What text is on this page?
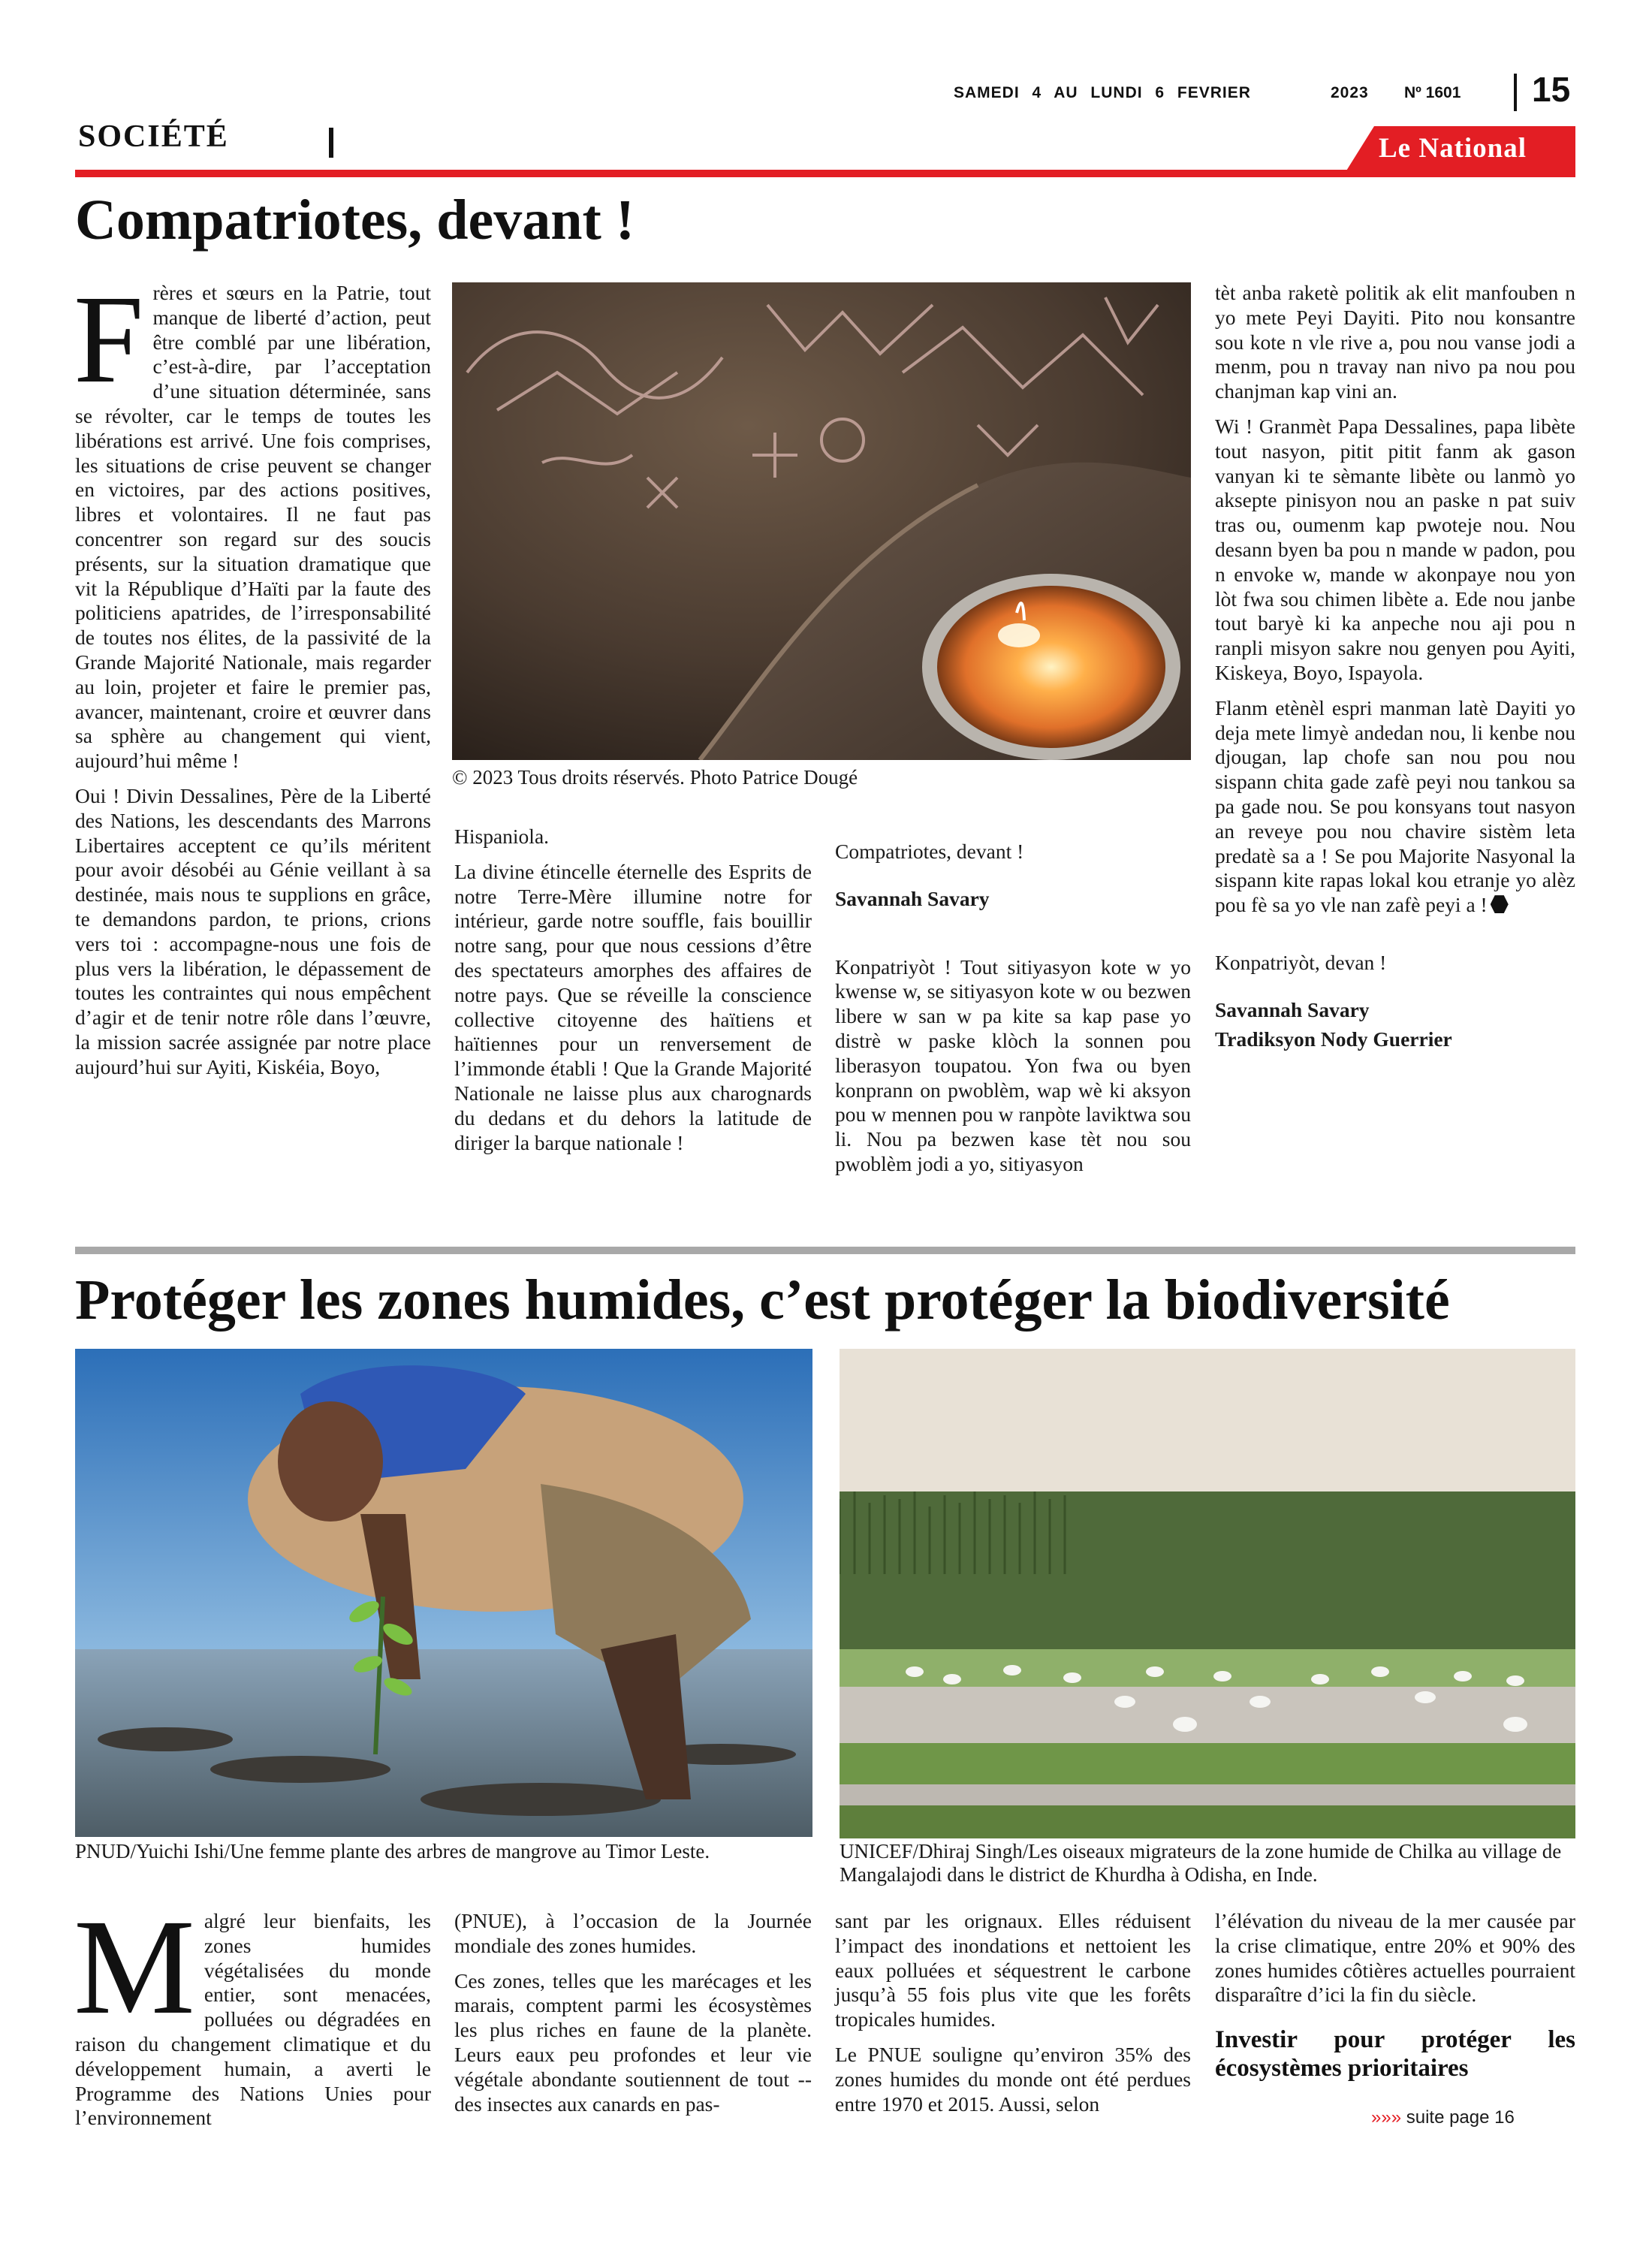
SAMEDI 4 AU LUNDI 6 FEVRIER	2023 Nº 1601 15
SOCIÉTÉ	Le National
Compatriotes, devant !

Frères et sœurs en la Patrie, tout manque de liberté d’action, peut être comblé par une libération, c’est-à-dire, par l’acceptation d’une situation déterminée, sans se révolter, car le temps de toutes les libérations est arrivé. Une fois comprises, les situations de crise peuvent se changer en victoires, par des actions positives, libres et volontaires. Il ne faut pas concentrer son regard sur des soucis présents, sur la situation dramatique que vit la République d’Haïti par la faute des politiciens apatrides, de l’irresponsabilité de toutes nos élites, de la passivité de la Grande Majorité Nationale, mais regarder au loin, projeter et faire le premier pas, avancer, maintenant, croire et œuvrer dans sa sphère au changement qui vient, aujourd’hui même !

Oui ! Divin Dessalines, Père de la Liberté des Nations, les descendants des Marrons Libertaires acceptent ce qu’ils méritent pour avoir désobéi au Génie veillant à sa destinée, mais nous te supplions en grâce, te demandons pardon, te prions, crions vers toi : accompagne-nous une fois de plus vers la libération, le dépassement de toutes les contraintes qui nous empêchent d’agir et de tenir notre rôle dans l’œuvre, la mission sacrée assignée par notre place aujourd’hui sur Ayiti, Kiskéia, Boyo,

© 2023 Tous droits réservés. Photo Patrice Dougé

Hispaniola.

La divine étincelle éternelle des Esprits de notre Terre-Mère illumine notre for intérieur, garde notre souffle, fais bouillir notre sang, pour que nous cessions d’être des spectateurs amorphes des affaires de notre pays. Que se réveille la conscience collective citoyenne des haïtiens et haïtiennes pour un renversement de l’immonde établi ! Que la Grande Majorité Nationale ne laisse plus aux charognards du dedans et du dehors la latitude de diriger la barque nationale !

Compatriotes, devant !

Savannah Savary

Konpatriyòt ! Tout sitiyasyon kote w yo kwense w, se sitiyasyon kote w ou bezwen libere w san w pa kite sa kap pase yo distrè w paske klòch la sonnen pou liberasyon toupatou. Yon fwa ou byen konprann on pwoblèm, wap wè ki aksyon pou w mennen pou w ranpòte laviktwa sou li. Nou pa bezwen kase tèt nou sou pwoblèm jodi a yo, sitiyasyon

tèt anba raketè politik ak elit manfouben n yo mete Peyi Dayiti. Pito nou konsantre sou kote n vle rive a, pou nou vanse jodi a menm, pou n travay nan nivo pa nou pou chanjman kap vini an.

Wi ! Granmèt Papa Dessalines, papa libète tout nasyon, pitit pitit fanm ak gason vanyan ki te sèmante libète ou lanmò yo aksepte pinisyon nou an paske n pat suiv tras ou, oumenm kap pwoteje nou. Nou desann byen ba pou n mande w padon, pou n envoke w, mande w akonpaye nou yon lòt fwa sou chimen libète a. Ede nou janbe tout baryè ki ka anpeche nou aji pou n ranpli misyon sakre nou genyen pou Ayiti, Kiskeya, Boyo, Ispayola.

Flanm etènèl espri manman latè Dayiti yo deja mete limyè andedan nou, li kenbe nou djougan, lap chofe san nou pou nou sispann chita gade zafè peyi nou tankou sa pa gade nou. Se pou konsyans tout nasyon an reveye pou nou chavire sistèm leta predatè sa a ! Se pou Majorite Nasyonal la sispann kite rapas lokal kou etranje yo alèz pou fè sa yo vle nan zafè peyi a !

Konpatriyòt, devan !

Savannah Savary

Tradiksyon Nody Guerrier

Protéger les zones humides, c’est protéger la biodiversité
PNUD/Yuichi Ishi/Une femme plante des arbres de mangrove au Timor Leste.	UNICEF/Dhiraj Singh/Les oiseaux migrateurs de la zone humide de Chilka au village de Mangalajodi dans le district de Khurdha à Odisha, en Inde.

Malgré leur bienfaits, les zones humides végétalisées du monde entier, sont menacées, polluées ou dégradées en raison du changement climatique et du développement humain, a averti le Programme des Nations Unies pour l’environnement

(PNUE), à l’occasion de la Journée mondiale des zones humides.

Ces zones, telles que les marécages et les marais, comptent parmi les écosystèmes les plus riches en faune de la planète. Leurs eaux peu profondes et leur vie végétale abondante soutiennent de tout -- des insectes aux canards en pas-

sant par les orignaux. Elles réduisent l’impact des inondations et nettoient les eaux polluées et séquestrent le carbone jusqu’à 55 fois plus vite que les forêts tropicales humides.

Le PNUE souligne qu’environ 35% des zones humides du monde ont été perdues entre 1970 et 2015. Aussi, selon

l’élévation du niveau de la mer causée par la crise climatique, entre 20% et 90% des zones humides côtières actuelles pourraient disparaître d’ici la fin du siècle.

Investir pour protéger les écosystèmes prioritaires
»»» suite page 16
